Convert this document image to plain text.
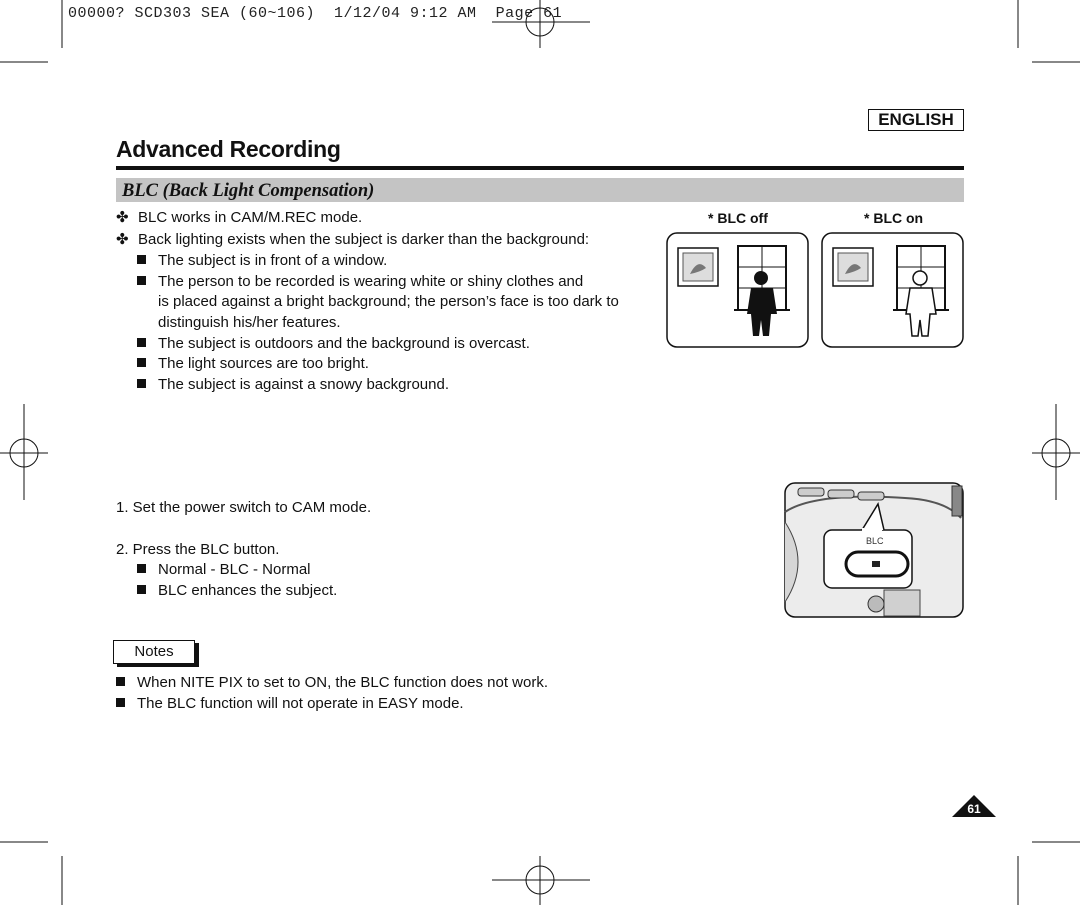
00000? SCD303 SEA (60~106)  1/12/04 9:12 AM  Page 61
ENGLISH
Advanced Recording
BLC (Back Light Compensation)
✤ BLC works in CAM/M.REC mode.
✤ Back lighting exists when the subject is darker than the background:
The subject is in front of a window.
The person to be recorded is wearing white or shiny clothes and
is placed against a bright background; the person’s face is too dark to
distinguish his/her features.
The subject is outdoors and the background is overcast.
The light sources are too bright.
The subject is against a snowy background.
* BLC off	* BLC on
1. Set the power switch to CAM mode.
2. Press the BLC button.
Normal - BLC - Normal
BLC enhances the subject.
BLC
Notes
When NITE PIX to set to ON, the BLC function does not work.
The BLC function will not operate in EASY mode.
61
